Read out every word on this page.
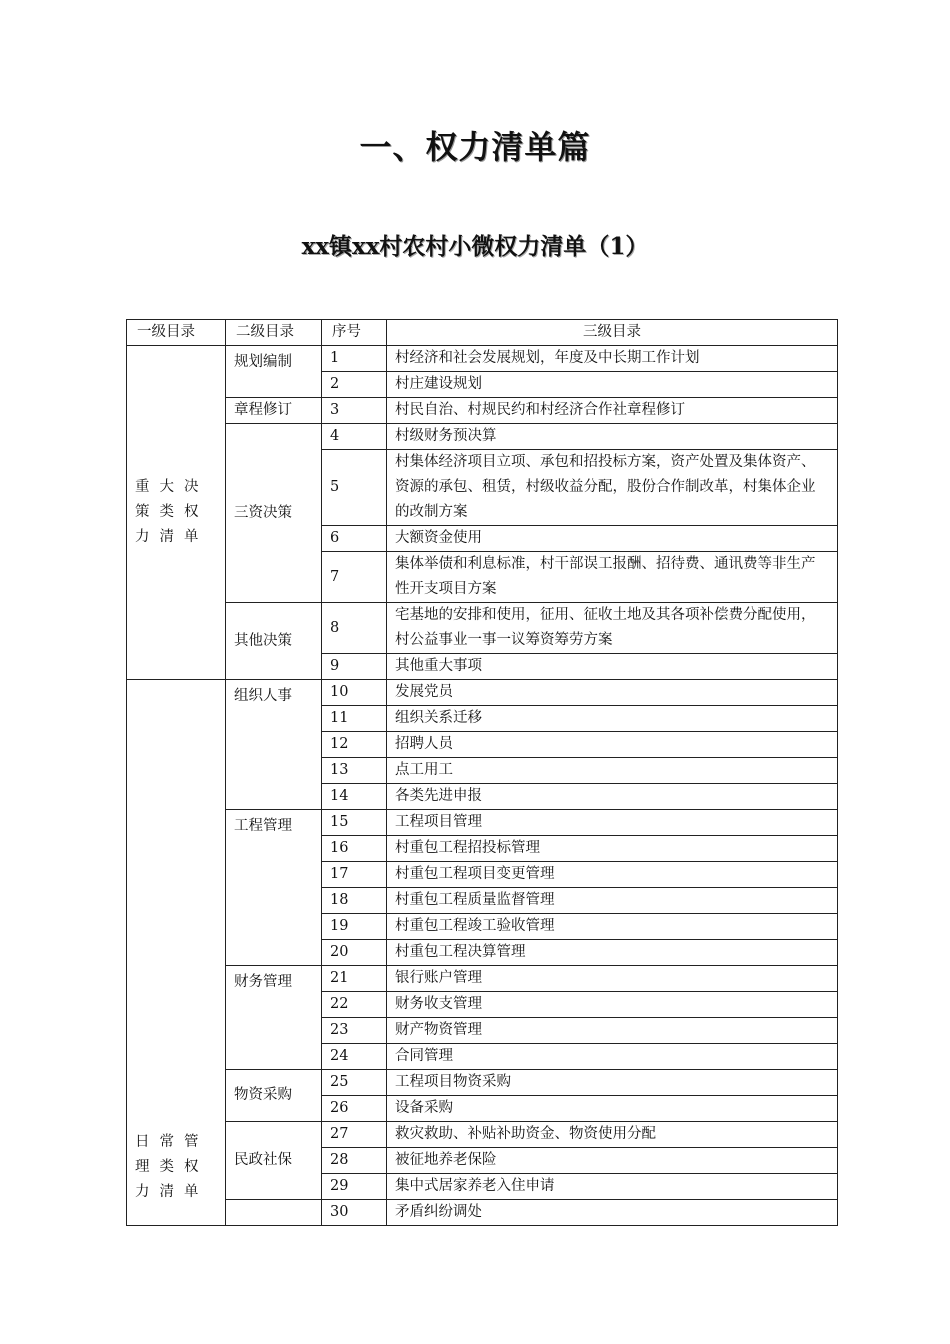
一、权力清单篇
xx镇xx村农村小微权力清单（1）
一级目录	二级目录	序号	三级目录
重大决策类权力清单	规划编制	1	村经济和社会发展规划，年度及中长期工作计划
		2	村庄建设规划
	章程修订	3	村民自治、村规民约和村经济合作社章程修订
	三资决策	4	村级财务预决算
		5	村集体经济项目立项、承包和招投标方案，资产处置及集体资产、资源的承包、租赁，村级收益分配，股份合作制改革，村集体企业的改制方案
		6	大额资金使用
		7	集体举债和利息标准，村干部误工报酬、招待费、通讯费等非生产性开支项目方案
	其他决策	8	宅基地的安排和使用，征用、征收土地及其各项补偿费分配使用，村公益事业一事一议筹资筹劳方案
		9	其他重大事项
日常管理类权力清单	组织人事	10	发展党员
		11	组织关系迁移
		12	招聘人员
		13	点工用工
		14	各类先进申报
	工程管理	15	工程项目管理
		16	村重包工程招投标管理
		17	村重包工程项目变更管理
		18	村重包工程质量监督管理
		19	村重包工程竣工验收管理
		20	村重包工程决算管理
	财务管理	21	银行账户管理
		22	财务收支管理
		23	财产物资管理
		24	合同管理
	物资采购	25	工程项目物资采购
		26	设备采购
	民政社保	27	救灾救助、补贴补助资金、物资使用分配
		28	被征地养老保险
		29	集中式居家养老入住申请
		30	矛盾纠纷调处
